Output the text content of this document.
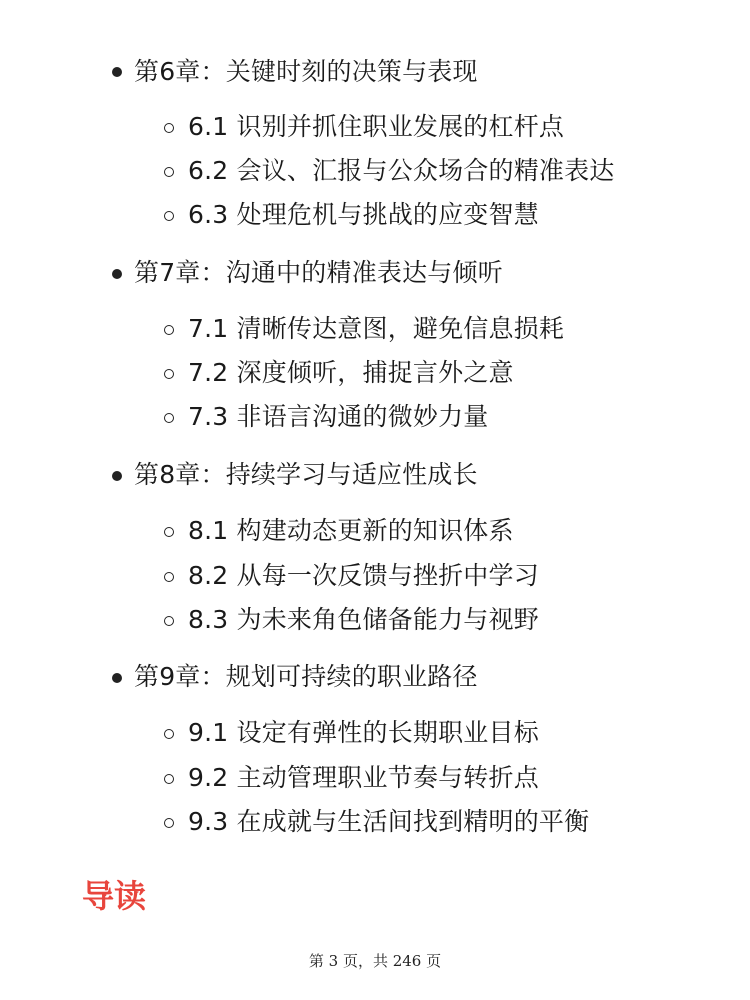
第6章：关键时刻的决策与表现
6.1 识别并抓住职业发展的杠杆点
6.2 会议、汇报与公众场合的精准表达
6.3 处理危机与挑战的应变智慧
第7章：沟通中的精准表达与倾听
7.1 清晰传达意图，避免信息损耗
7.2 深度倾听，捕捉言外之意
7.3 非语言沟通的微妙力量
第8章：持续学习与适应性成长
8.1 构建动态更新的知识体系
8.2 从每一次反馈与挫折中学习
8.3 为未来角色储备能力与视野
第9章：规划可持续的职业路径
9.1 设定有弹性的长期职业目标
9.2 主动管理职业节奏与转折点
9.3 在成就与生活间找到精明的平衡
导读
第 3 页，共 246 页
